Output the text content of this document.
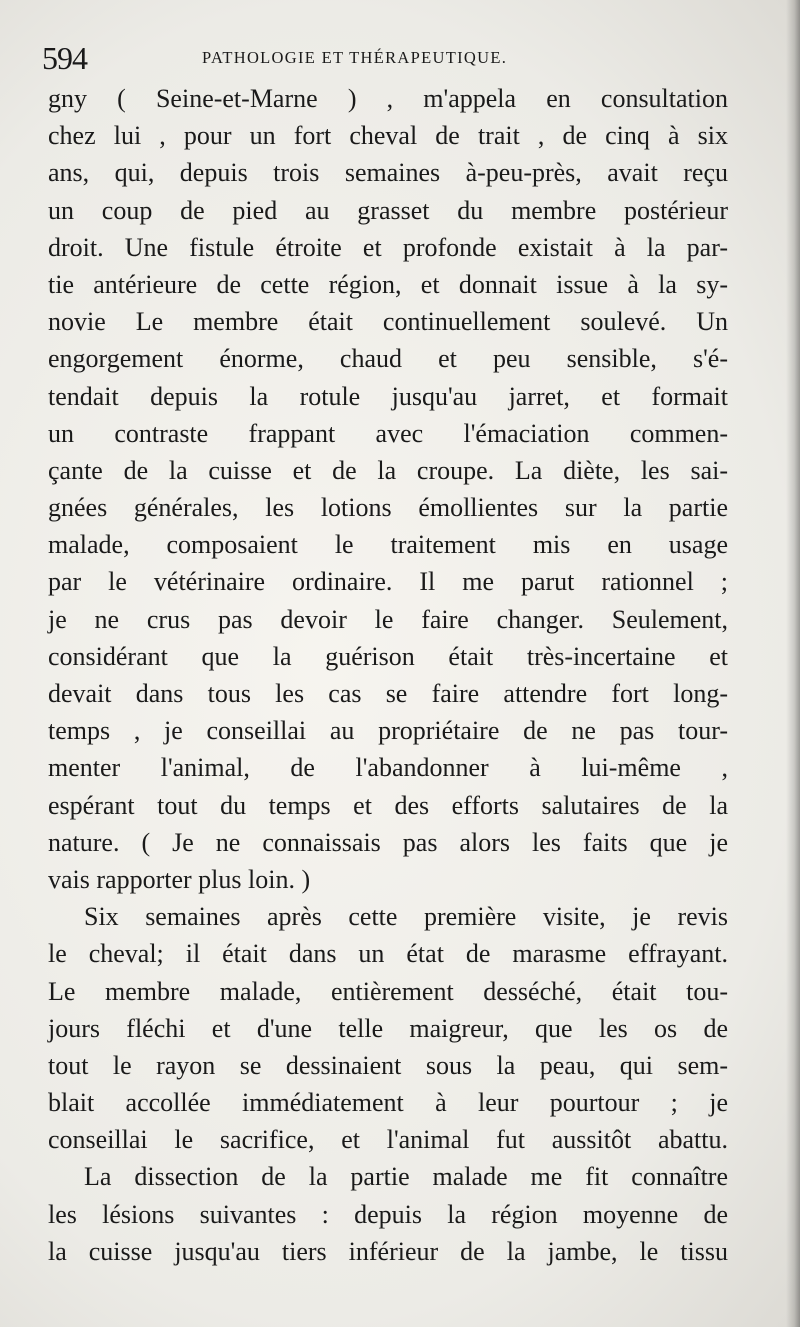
594	PATHOLOGIE ET THÉRAPEUTIQUE.
gny ( Seine-et-Marne ) , m'appela en consultation
chez lui , pour un fort cheval de trait , de cinq à six
ans, qui, depuis trois semaines à-peu-près, avait reçu
un coup de pied au grasset du membre postérieur
droit. Une fistule étroite et profonde existait à la par-
tie antérieure de cette région, et donnait issue à la sy-
novie Le membre était continuellement soulevé. Un
engorgement énorme, chaud et peu sensible, s'é-
tendait depuis la rotule jusqu'au jarret, et formait
un contraste frappant avec l'émaciation commen-
çante de la cuisse et de la croupe. La diète, les sai-
gnées générales, les lotions émollientes sur la partie
malade, composaient le traitement mis en usage
par le vétérinaire ordinaire. Il me parut rationnel ;
je ne crus pas devoir le faire changer. Seulement,
considérant que la guérison était très-incertaine et
devait dans tous les cas se faire attendre fort long-
temps , je conseillai au propriétaire de ne pas tour-
menter l'animal, de l'abandonner à lui-même ,
espérant tout du temps et des efforts salutaires de la
nature. ( Je ne connaissais pas alors les faits que je
vais rapporter plus loin. )
Six semaines après cette première visite, je revis
le cheval; il était dans un état de marasme effrayant.
Le membre malade, entièrement desséché, était tou-
jours fléchi et d'une telle maigreur, que les os de
tout le rayon se dessinaient sous la peau, qui sem-
blait accollée immédiatement à leur pourtour ; je
conseillai le sacrifice, et l'animal fut aussitôt abattu.
La dissection de la partie malade me fit connaître
les lésions suivantes : depuis la région moyenne de
la cuisse jusqu'au tiers inférieur de la jambe, le tissu
